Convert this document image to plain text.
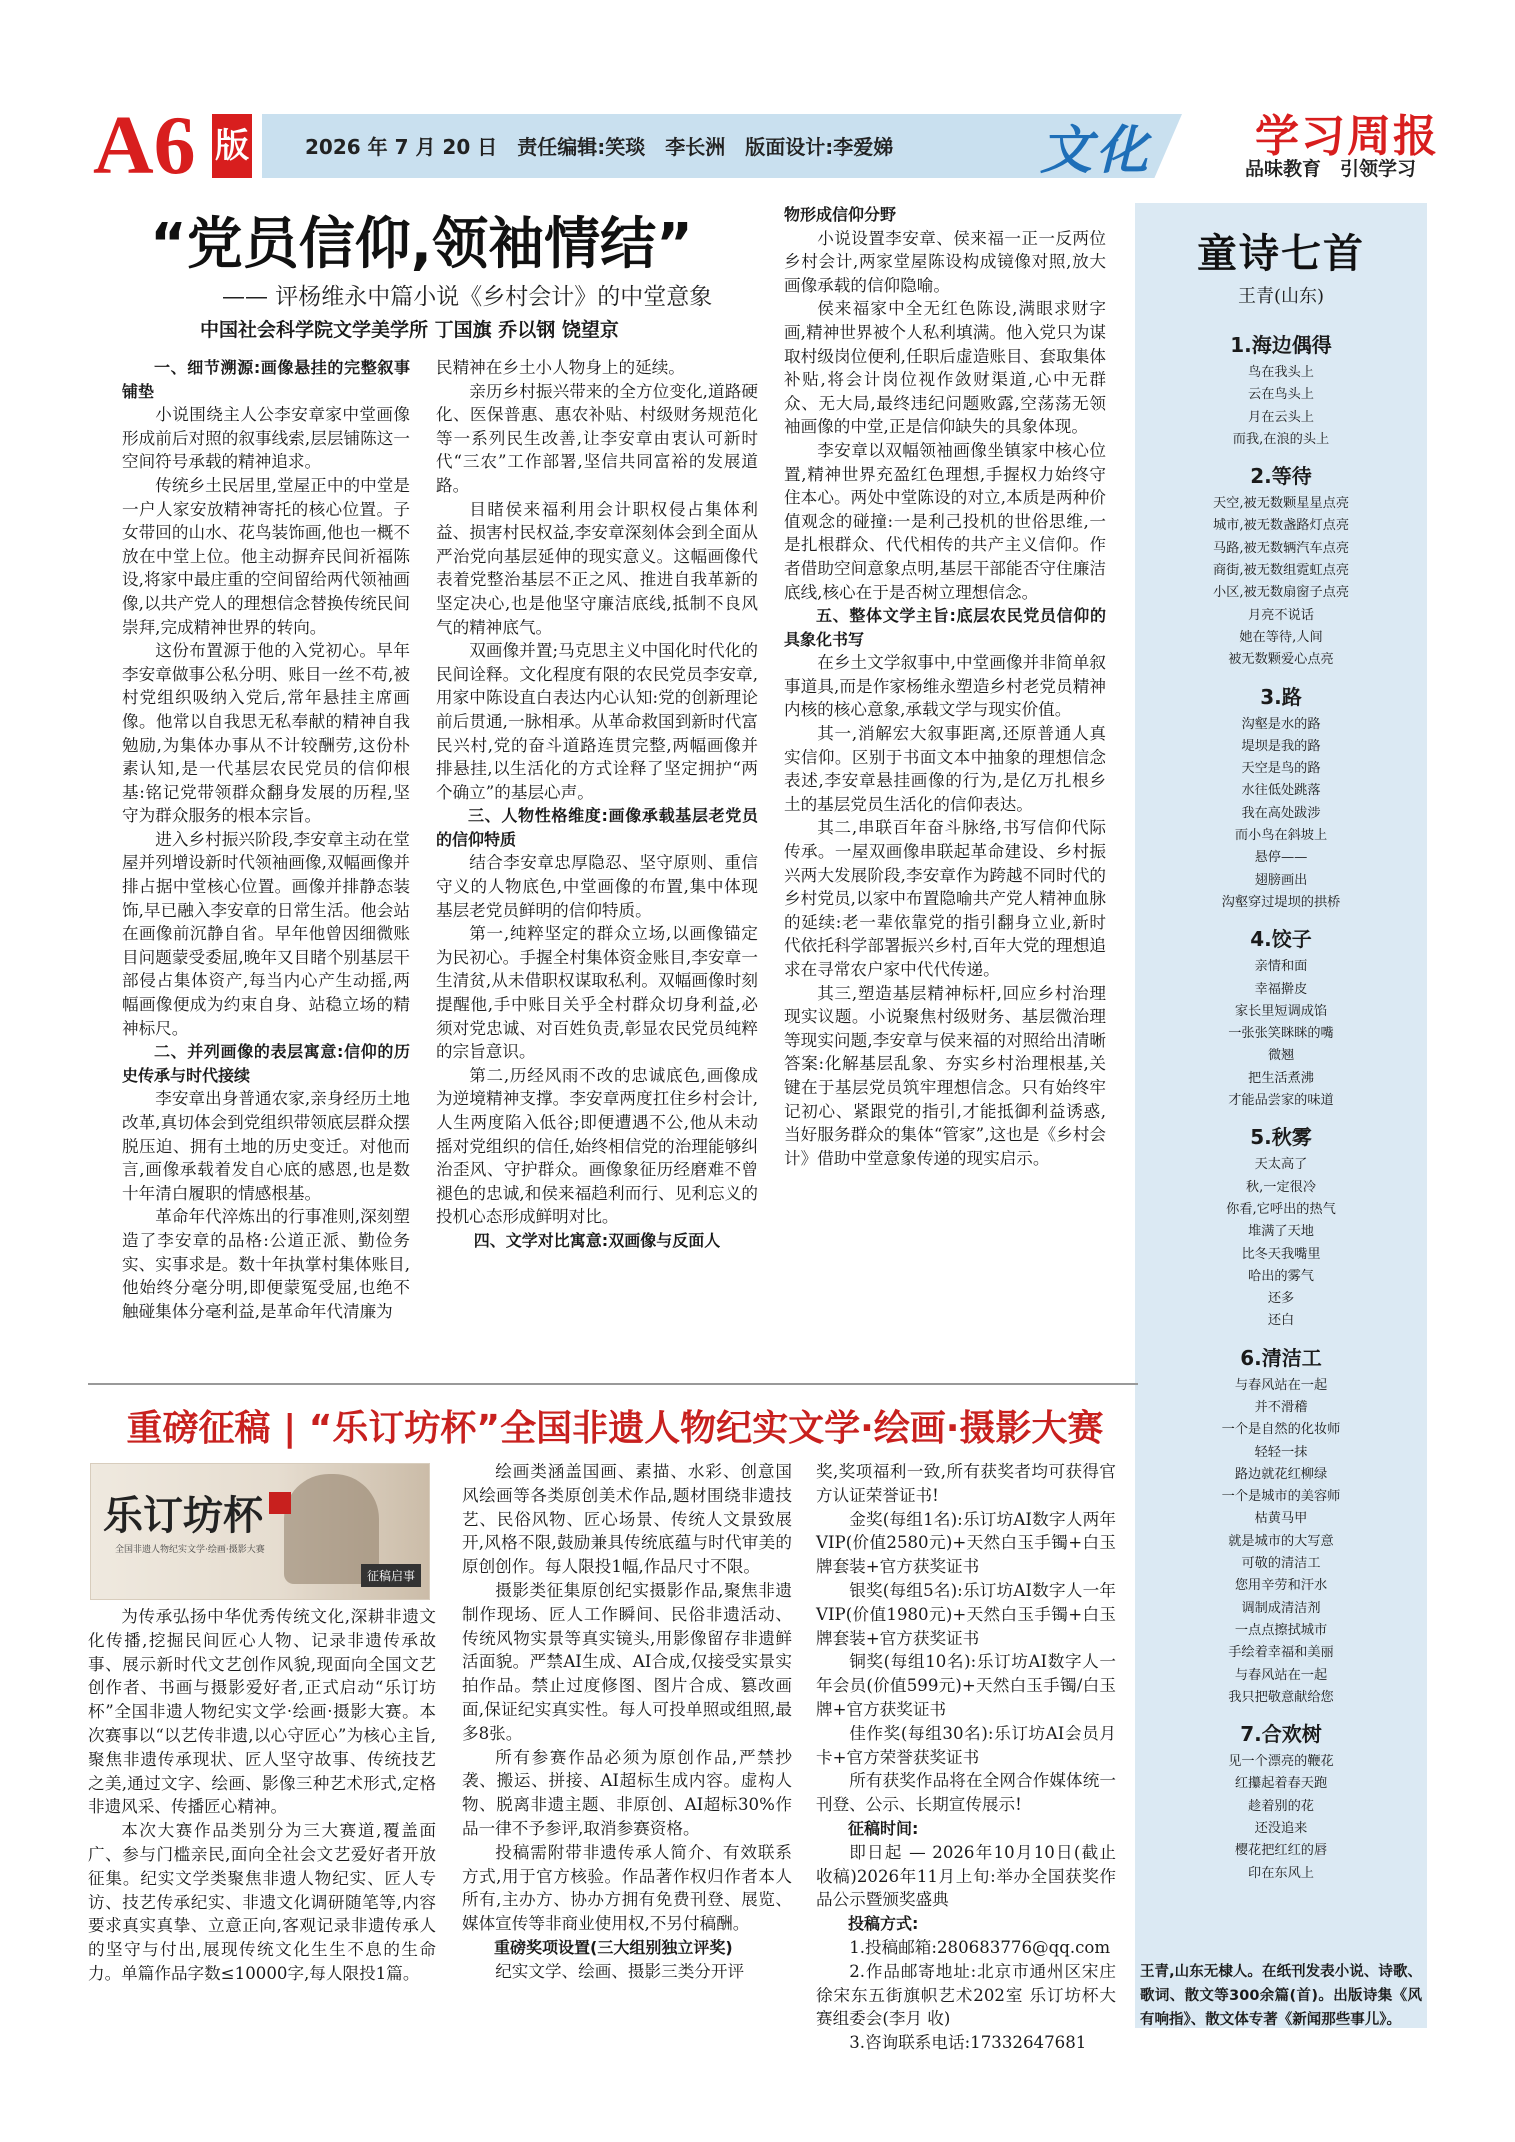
A6 版	2026 年 7 月 20 日　责任编辑:笑琰　李长洲　版面设计:李爱娣	文化 学习周报
品味教育　引领学习
“党员信仰,领袖情结”
—— 评杨维永中篇小说《乡村会计》的中堂意象
中国社会科学院文学美学所 丁国旗 乔以钢 饶望京
一、细节溯源:画像悬挂的完整叙事铺垫
小说围绕主人公李安章家中堂画像形成前后对照的叙事线索,层层铺陈这一空间符号承载的精神追求。
传统乡土民居里,堂屋正中的中堂是一户人家安放精神寄托的核心位置。子女带回的山水、花鸟装饰画,他也一概不放在中堂上位。他主动摒弃民间祈福陈设,将家中最庄重的空间留给两代领袖画像,以共产党人的理想信念替换传统民间崇拜,完成精神世界的转向。
这份布置源于他的入党初心。早年李安章做事公私分明、账目一丝不苟,被村党组织吸纳入党后,常年悬挂主席画像。他常以自我思无私奉献的精神自我勉励,为集体办事从不计较酬劳,这份朴素认知,是一代基层农民党员的信仰根基:铭记党带领群众翻身发展的历程,坚守为群众服务的根本宗旨。
进入乡村振兴阶段,李安章主动在堂屋并列增设新时代领袖画像,双幅画像并排占据中堂核心位置。画像并排静态装饰,早已融入李安章的日常生活。他会站在画像前沉静自省。早年他曾因细微账目问题蒙受委屈,晚年又目睹个别基层干部侵占集体资产,每当内心产生动摇,两幅画像便成为约束自身、站稳立场的精神标尺。
二、并列画像的表层寓意:信仰的历史传承与时代接续
李安章出身普通农家,亲身经历土地改革,真切体会到党组织带领底层群众摆脱压迫、拥有土地的历史变迁。对他而言,画像承载着发自心底的感恩,也是数十年清白履职的情感根基。
革命年代淬炼出的行事准则,深刻塑造了李安章的品格:公道正派、勤俭务实、实事求是。数十年执掌村集体账目,他始终分毫分明,即便蒙冤受屈,也绝不触碰集体分毫利益,是革命年代清廉为
民精神在乡土小人物身上的延续。
亲历乡村振兴带来的全方位变化,道路硬化、医保普惠、惠农补贴、村级财务规范化等一系列民生改善,让李安章由衷认可新时代“三农”工作部署,坚信共同富裕的发展道路。
目睹侯来福利用会计职权侵占集体利益、损害村民权益,李安章深刻体会到全面从严治党向基层延伸的现实意义。这幅画像代表着党整治基层不正之风、推进自我革新的坚定决心,也是他坚守廉洁底线,抵制不良风气的精神底气。
双画像并置;马克思主义中国化时代化的民间诠释。文化程度有限的农民党员李安章,用家中陈设直白表达内心认知:党的创新理论前后贯通,一脉相承。从革命救国到新时代富民兴村,党的奋斗道路连贯完整,两幅画像并排悬挂,以生活化的方式诠释了坚定拥护“两个确立”的基层心声。
三、人物性格维度:画像承载基层老党员的信仰特质
结合李安章忠厚隐忍、坚守原则、重信守义的人物底色,中堂画像的布置,集中体现基层老党员鲜明的信仰特质。
第一,纯粹坚定的群众立场,以画像锚定为民初心。手握全村集体资金账目,李安章一生清贫,从未借职权谋取私利。双幅画像时刻提醒他,手中账目关乎全村群众切身利益,必须对党忠诚、对百姓负责,彰显农民党员纯粹的宗旨意识。
第二,历经风雨不改的忠诚底色,画像成为逆境精神支撑。李安章两度扛住乡村会计,人生两度陷入低谷;即便遭遇不公,他从未动摇对党组织的信任,始终相信党的治理能够纠治歪风、守护群众。画像象征历经磨难不曾褪色的忠诚,和侯来福趋利而行、见利忘义的投机心态形成鲜明对比。
四、文学对比寓意:双画像与反面人
物形成信仰分野
小说设置李安章、侯来福一正一反两位乡村会计,两家堂屋陈设构成镜像对照,放大画像承载的信仰隐喻。
侯来福家中全无红色陈设,满眼求财字画,精神世界被个人私利填满。他入党只为谋取村级岗位便利,任职后虚造账目、套取集体补贴,将会计岗位视作敛财渠道,心中无群众、无大局,最终违纪问题败露,空荡荡无领袖画像的中堂,正是信仰缺失的具象体现。
李安章以双幅领袖画像坐镇家中核心位置,精神世界充盈红色理想,手握权力始终守住本心。两处中堂陈设的对立,本质是两种价值观念的碰撞:一是利己投机的世俗思维,一是扎根群众、代代相传的共产主义信仰。作者借助空间意象点明,基层干部能否守住廉洁底线,核心在于是否树立理想信念。
五、整体文学主旨:底层农民党员信仰的具象化书写
在乡土文学叙事中,中堂画像并非简单叙事道具,而是作家杨维永塑造乡村老党员精神内核的核心意象,承载文学与现实价值。
其一,消解宏大叙事距离,还原普通人真实信仰。区别于书面文本中抽象的理想信念表述,李安章悬挂画像的行为,是亿万扎根乡土的基层党员生活化的信仰表达。
其二,串联百年奋斗脉络,书写信仰代际传承。一屋双画像串联起革命建设、乡村振兴两大发展阶段,李安章作为跨越不同时代的乡村党员,以家中布置隐喻共产党人精神血脉的延续:老一辈依靠党的指引翻身立业,新时代依托科学部署振兴乡村,百年大党的理想追求在寻常农户家中代代传递。
其三,塑造基层精神标杆,回应乡村治理现实议题。小说聚焦村级财务、基层微治理等现实问题,李安章与侯来福的对照给出清晰答案:化解基层乱象、夯实乡村治理根基,关键在于基层党员筑牢理想信念。只有始终牢记初心、紧跟党的指引,才能抵御利益诱惑,当好服务群众的集体“管家”,这也是《乡村会计》借助中堂意象传递的现实启示。
童诗七首
王青(山东)
1.海边偶得
鸟在我头上
云在鸟头上
月在云头上
而我,在浪的头上
2.等待
天空,被无数颗星星点亮
城市,被无数盏路灯点亮
马路,被无数辆汽车点亮
商街,被无数组霓虹点亮
小区,被无数扇窗子点亮
月亮不说话
她在等待,人间
被无数颗爱心点亮
3.路
沟壑是水的路
堤坝是我的路
天空是鸟的路
水往低处跳落
我在高处跋涉
而小鸟在斜坡上
悬停——
翅膀画出
沟壑穿过堤坝的拱桥
4.饺子
亲情和面
幸福擀皮
家长里短调成馅
一张张笑眯眯的嘴
微翘
把生活煮沸
才能品尝家的味道
5.秋雾
天太高了
秋,一定很冷
你看,它呼出的热气
堆满了天地
比冬天我嘴里
哈出的雾气
还多
还白
6.清洁工
与春风站在一起
并不滑稽
一个是自然的化妆师
轻轻一抹
路边就花红柳绿
一个是城市的美容师
枯黄马甲
就是城市的大写意
可敬的清洁工
您用辛劳和汗水
调制成清洁剂
一点点擦拭城市
手绘着幸福和美丽
与春风站在一起
我只把敬意献给您
7.合欢树
见一个漂亮的鞭花
红攥起着春天跑
趁着别的花
还没追来
樱花把红红的唇
印在东风上
王青,山东无棣人。在纸刊发表小说、诗歌、歌词、散文等300余篇(首)。出版诗集《风有响指》、散文体专著《新闻那些事儿》。
重磅征稿 | “乐订坊杯”全国非遗人物纪实文学·绘画·摄影大赛
乐订坊杯
全国非遗人物纪实文学·绘画·摄影大赛
征稿启事
为传承弘扬中华优秀传统文化,深耕非遗文化传播,挖掘民间匠心人物、记录非遗传承故事、展示新时代文艺创作风貌,现面向全国文艺创作者、书画与摄影爱好者,正式启动“乐订坊杯”全国非遗人物纪实文学·绘画·摄影大赛。本次赛事以“以艺传非遗,以心守匠心”为核心主旨,聚焦非遗传承现状、匠人坚守故事、传统技艺之美,通过文字、绘画、影像三种艺术形式,定格非遗风采、传播匠心精神。
本次大赛作品类别分为三大赛道,覆盖面广、参与门槛亲民,面向全社会文艺爱好者开放征集。纪实文学类聚焦非遗人物纪实、匠人专访、技艺传承纪实、非遗文化调研随笔等,内容要求真实真挚、立意正向,客观记录非遗传承人的坚守与付出,展现传统文化生生不息的生命力。单篇作品字数≤10000字,每人限投1篇。
绘画类涵盖国画、素描、水彩、创意国风绘画等各类原创美术作品,题材围绕非遗技艺、民俗风物、匠心场景、传统人文景致展开,风格不限,鼓励兼具传统底蕴与时代审美的原创创作。每人限投1幅,作品尺寸不限。
摄影类征集原创纪实摄影作品,聚焦非遗制作现场、匠人工作瞬间、民俗非遗活动、传统风物实景等真实镜头,用影像留存非遗鲜活面貌。严禁AI生成、AI合成,仅接受实景实拍作品。禁止过度修图、图片合成、篡改画面,保证纪实真实性。每人可投单照或组照,最多8张。
所有参赛作品必须为原创作品,严禁抄袭、搬运、拼接、AI超标生成内容。虚构人物、脱离非遗主题、非原创、AI超标30%作品一律不予参评,取消参赛资格。
投稿需附带非遗传承人简介、有效联系方式,用于官方核验。作品著作权归作者本人所有,主办方、协办方拥有免费刊登、展览、媒体宣传等非商业使用权,不另付稿酬。
重磅奖项设置(三大组别独立评奖)
纪实文学、绘画、摄影三类分开评
奖,奖项福利一致,所有获奖者均可获得官方认证荣誉证书!
金奖(每组1名):乐订坊AI数字人两年VIP(价值2580元)+天然白玉手镯+白玉牌套装+官方获奖证书
银奖(每组5名):乐订坊AI数字人一年VIP(价值1980元)+天然白玉手镯+白玉牌套装+官方获奖证书
铜奖(每组10名):乐订坊AI数字人一年会员(价值599元)+天然白玉手镯/白玉牌+官方获奖证书
佳作奖(每组30名):乐订坊AI会员月卡+官方荣誉获奖证书
所有获奖作品将在全网合作媒体统一刊登、公示、长期宣传展示!
征稿时间:
即日起 — 2026年10月10日(截止收稿)2026年11月上旬:举办全国获奖作品公示暨颁奖盛典
投稿方式:
1.投稿邮箱:280683776@qq.com
2.作品邮寄地址:北京市通州区宋庄徐宋东五街旗帜艺术202室 乐订坊杯大赛组委会(李月 收)
3.咨询联系电话:17332647681
